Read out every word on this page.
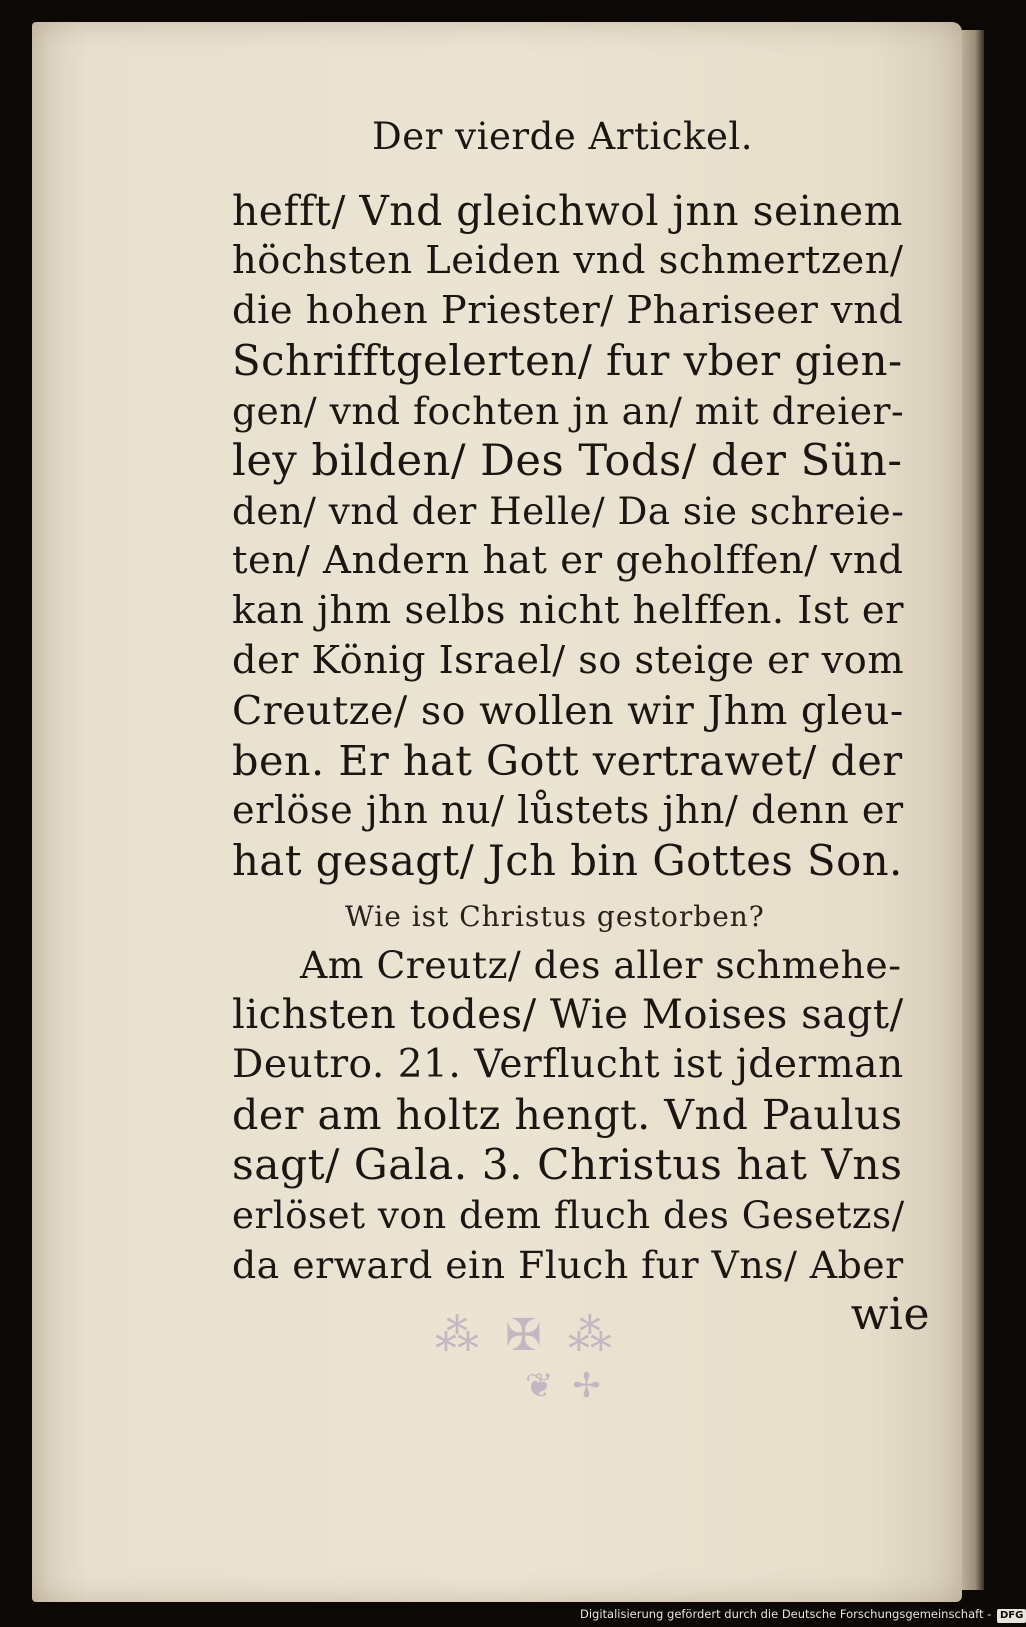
Der vierde Artickel.

hefft/ Vnd gleichwol jnn seinem

höchsten Leiden vnd schmertzen/

die hohen Priester/ Phariseer vnd

Schrifftgelerten/ fur vber gien-

gen/ vnd fochten jn an/ mit dreier-

ley bilden/ Des Tods/ der Sün-

den/ vnd der Helle/ Da sie schreie-

ten/ Andern hat er geholffen/ vnd

kan jhm selbs nicht helffen. Ist er

der König Israel/ so steige er vom

Creutze/ so wollen wir Jhm gleu-

ben. Er hat Gott vertrawet/ der

erlöse jhn nu/ lůstets jhn/ denn er

hat gesagt/ Jch bin Gottes Son.

Wie ist Christus gestorben?

Am Creutz/ des aller schmehe-

lichsten todes/ Wie Moises sagt/

Deutro. 21. Verflucht ist jderman

der am holtz hengt. Vnd Paulus

sagt/ Gala. 3. Christus hat Vns

erlöset von dem fluch des Gesetzs/

da erward ein Fluch fur Vns/ Aber

wie

⁂ ✠ ⁂
❦ ✢
Digitalisierung gefördert durch die Deutsche Forschungsgemeinschaft - DFG
